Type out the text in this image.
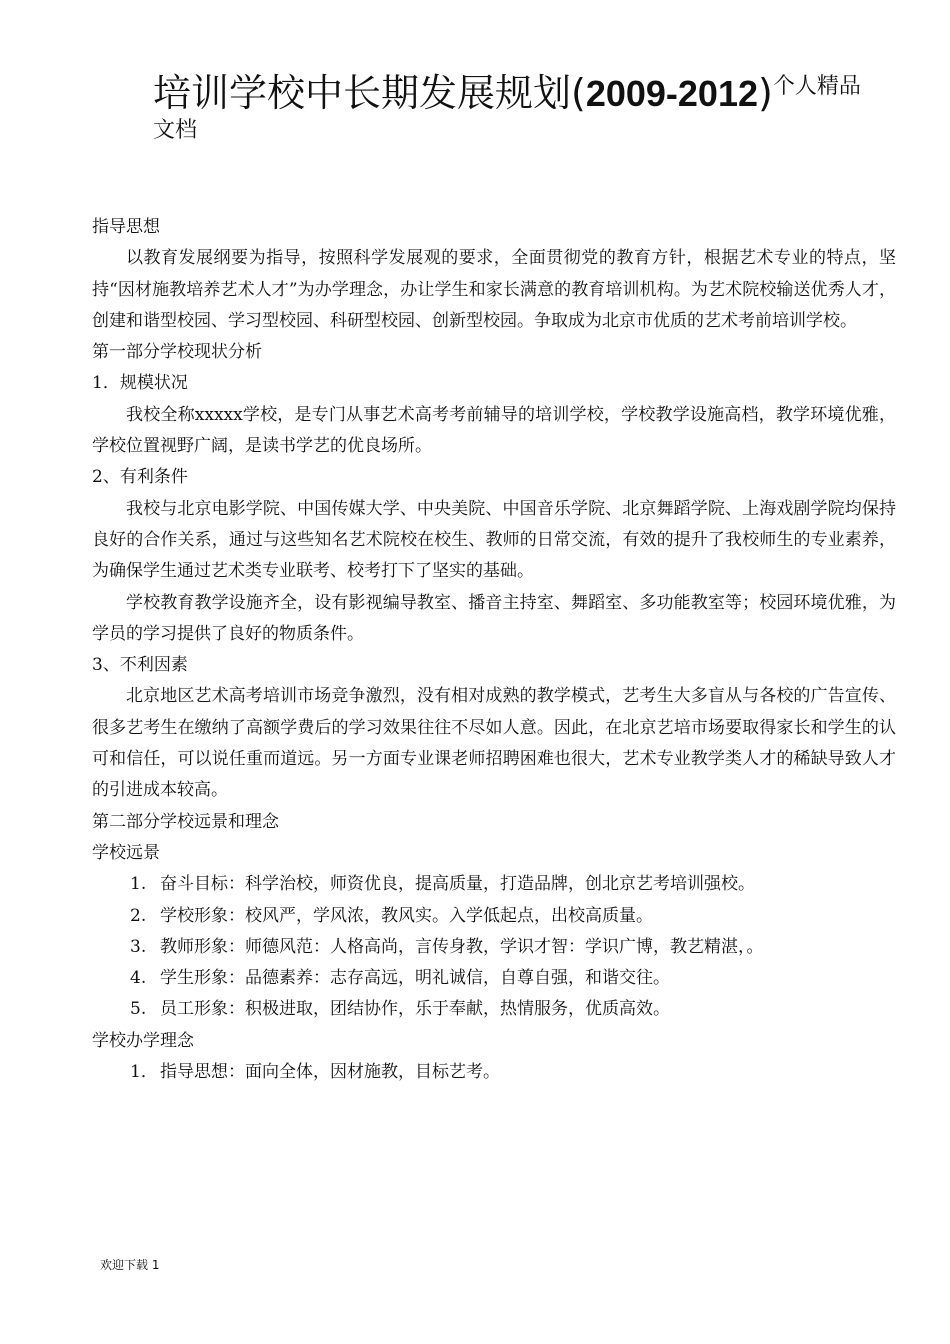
培训学校中长期发展规划(2009-2012)$^{个人精品}$
文档

指导思想

以教育发展纲要为指导，按照科学发展观的要求，全面贯彻党的教育方针，根据艺术专业的特点，坚持“因材施教培养艺术人才”为办学理念，办让学生和家长满意的教育培训机构。为艺术院校输送优秀人才，创建和谐型校园、学习型校园、科研型校园、创新型校园。争取成为北京市优质的艺术考前培训学校。

第一部分学校现状分析

1．规模状况

我校全称xxxxx学校，是专门从事艺术高考考前辅导的培训学校，学校教学设施高档，教学环境优雅，学校位置视野广阔，是读书学艺的优良场所。

2、有利条件

我校与北京电影学院、中国传媒大学、中央美院、中国音乐学院、北京舞蹈学院、上海戏剧学院均保持良好的合作关系，通过与这些知名艺术院校在校生、教师的日常交流，有效的提升了我校师生的专业素养，为确保学生通过艺术类专业联考、校考打下了坚实的基础。

学校教育教学设施齐全，设有影视编导教室、播音主持室、舞蹈室、多功能教室等；校园环境优雅，为学员的学习提供了良好的物质条件。

3、不利因素

北京地区艺术高考培训市场竞争激烈，没有相对成熟的教学模式，艺考生大多盲从与各校的广告宣传、很多艺考生在缴纳了高额学费后的学习效果往往不尽如人意。因此，在北京艺培市场要取得家长和学生的认可和信任，可以说任重而道远。另一方面专业课老师招聘困难也很大，艺术专业教学类人才的稀缺导致人才的引进成本较高。

第二部分学校远景和理念

学校远景

1. 奋斗目标：科学治校，师资优良，提高质量，打造品牌，创北京艺考培训强校。

2. 学校形象：校风严，学风浓，教风实。入学低起点，出校高质量。

3. 教师形象：师德风范：人格高尚，言传身教，学识才智：学识广博，教艺精湛，。

4. 学生形象：品德素养：志存高远，明礼诚信，自尊自强，和谐交往。

5. 员工形象：积极进取，团结协作，乐于奉献，热情服务，优质高效。

学校办学理念

1． 指导思想：面向全体，因材施教，目标艺考。

欢迎下载 1
